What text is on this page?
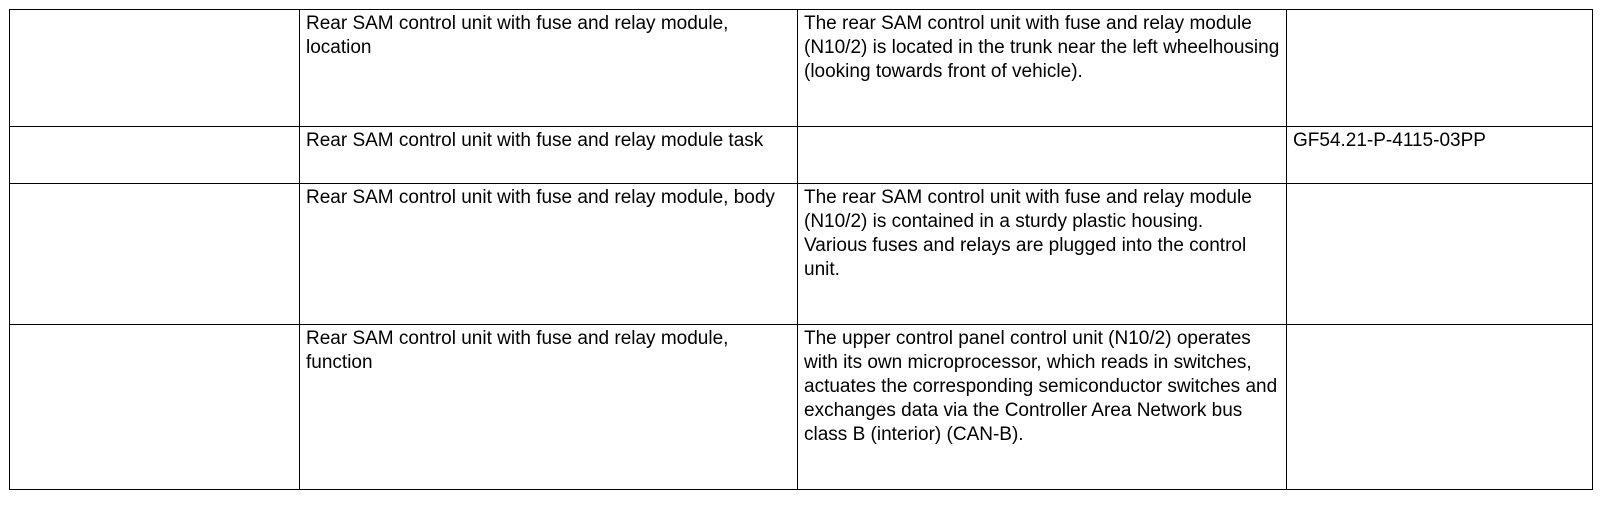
	Rear SAM control unit with fuse and relay module, location	The rear SAM control unit with fuse and relay module (N10/2) is located in the trunk near the left wheelhousing (looking towards front of vehicle).	

	Rear SAM control unit with fuse and relay module task		GF54.21-P-4115-03PP
	Rear SAM control unit with fuse and relay module, body	The rear SAM control unit with fuse and relay module (N10/2) is contained in a sturdy plastic housing.
Various fuses and relays are plugged into the control unit.	

	Rear SAM control unit with fuse and relay module, function	The upper control panel control unit (N10/2) operates with its own microprocessor, which reads in switches, actuates the corresponding semiconductor switches and exchanges data via the Controller Area Network bus class B (interior) (CAN-B).	
